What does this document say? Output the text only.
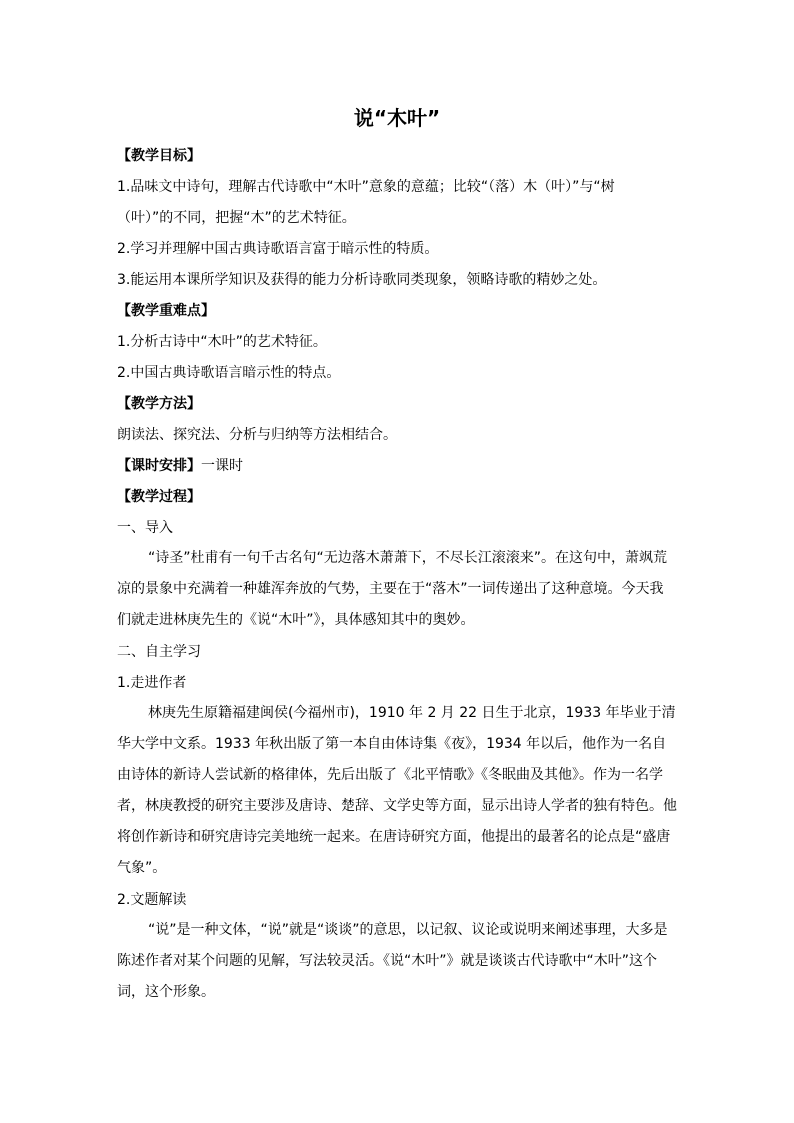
说“木叶”
【教学目标】
1.品味文中诗句，理解古代诗歌中“木叶”意象的意蕴；比较“（落）木（叶）”与“树
（叶）”的不同，把握“木”的艺术特征。
2.学习并理解中国古典诗歌语言富于暗示性的特质。
3.能运用本课所学知识及获得的能力分析诗歌同类现象，领略诗歌的精妙之处。
【教学重难点】
1.分析古诗中“木叶”的艺术特征。
2.中国古典诗歌语言暗示性的特点。
【教学方法】
朗读法、探究法、分析与归纳等方法相结合。
【课时安排】一课时
【教学过程】
一、导入
“诗圣”杜甫有一句千古名句“无边落木萧萧下，不尽长江滚滚来”。在这句中，萧飒荒凉的景象中充满着一种雄浑奔放的气势，主要在于“落木”一词传递出了这种意境。今天我们就走进林庚先生的《说“木叶”》，具体感知其中的奥妙。
二、自主学习
1.走进作者
林庚先生原籍福建闽侯(今福州市)，1910 年 2 月 22 日生于北京，1933 年毕业于清华大学中文系。1933 年秋出版了第一本自由体诗集《夜》，1934 年以后，他作为一名自由诗体的新诗人尝试新的格律体，先后出版了《北平情歌》《冬眠曲及其他》。作为一名学者，林庚教授的研究主要涉及唐诗、楚辞、文学史等方面，显示出诗人学者的独有特色。他将创作新诗和研究唐诗完美地统一起来。在唐诗研究方面，他提出的最著名的论点是“盛唐气象”。
2.文题解读
“说”是一种文体，“说”就是“谈谈”的意思，以记叙、议论或说明来阐述事理，大多是陈述作者对某个问题的见解，写法较灵活。《说“木叶”》就是谈谈古代诗歌中“木叶”这个词，这个形象。
